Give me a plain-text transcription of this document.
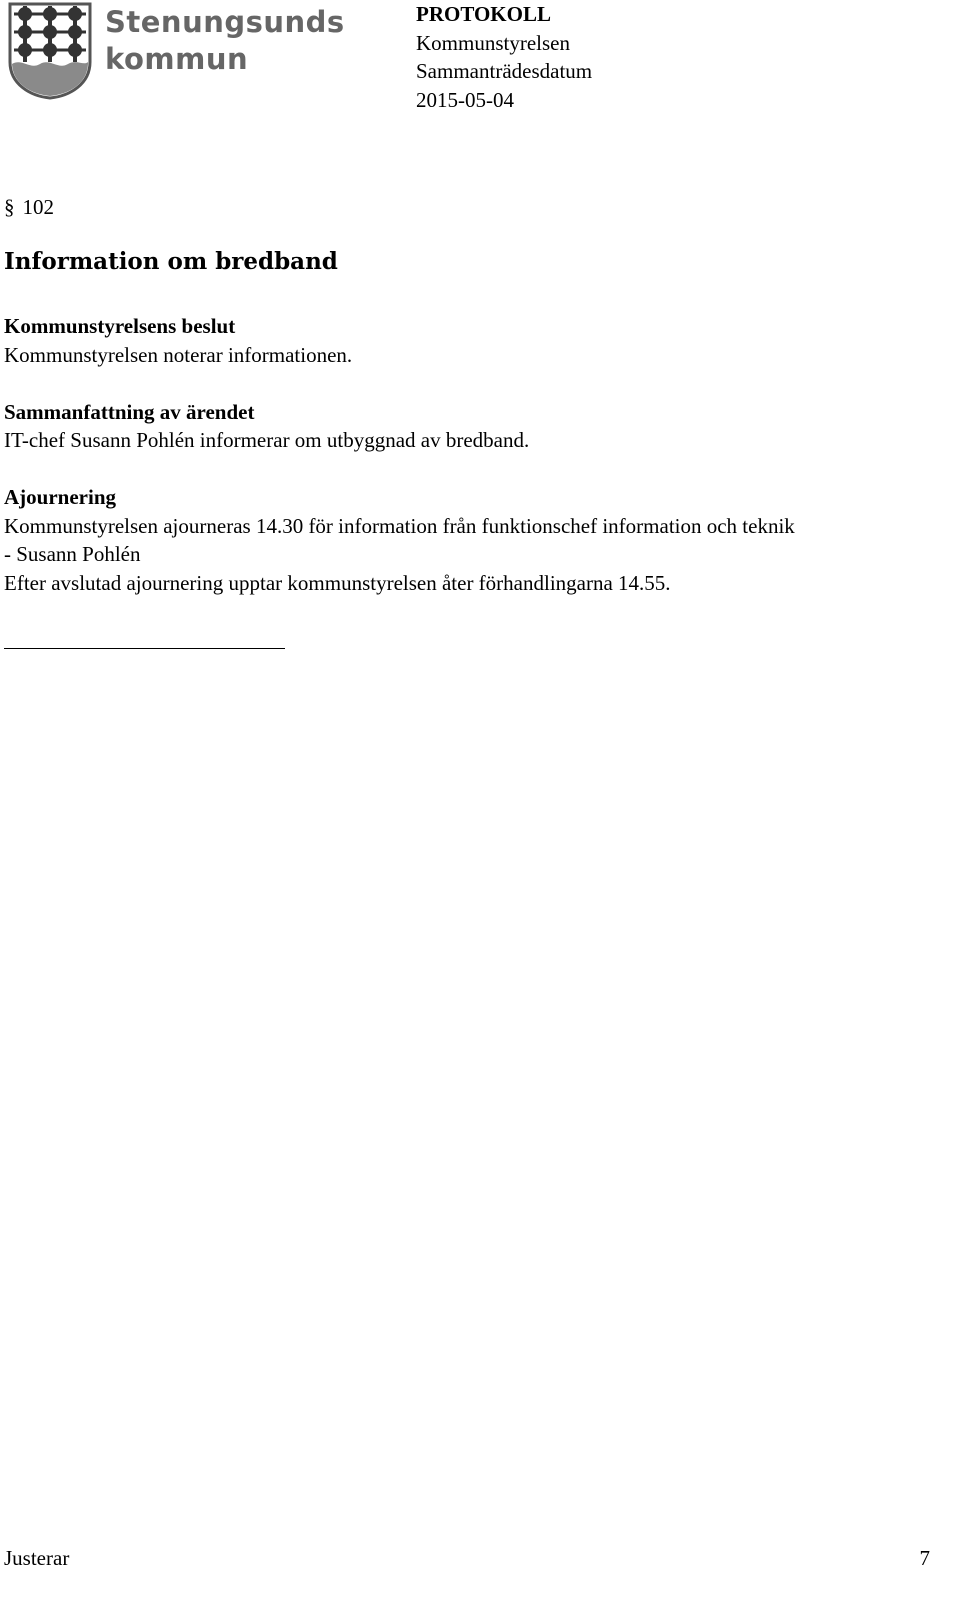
Stenungsunds
kommun
PROTOKOLL
Kommunstyrelsen
Sammanträdesdatum
2015-05-04
§ 102
Information om bredband

Kommunstyrelsens beslut

Kommunstyrelsen noterar informationen.

Sammanfattning av ärendet

IT-chef Susann Pohlén informerar om utbyggnad av bredband.

Ajournering

Kommunstyrelsen ajourneras 14.30 för information från funktionschef information och teknik

- Susann Pohlén

Efter avslutad ajournering upptar kommunstyrelsen åter förhandlingarna 14.55.

Justerar	7
